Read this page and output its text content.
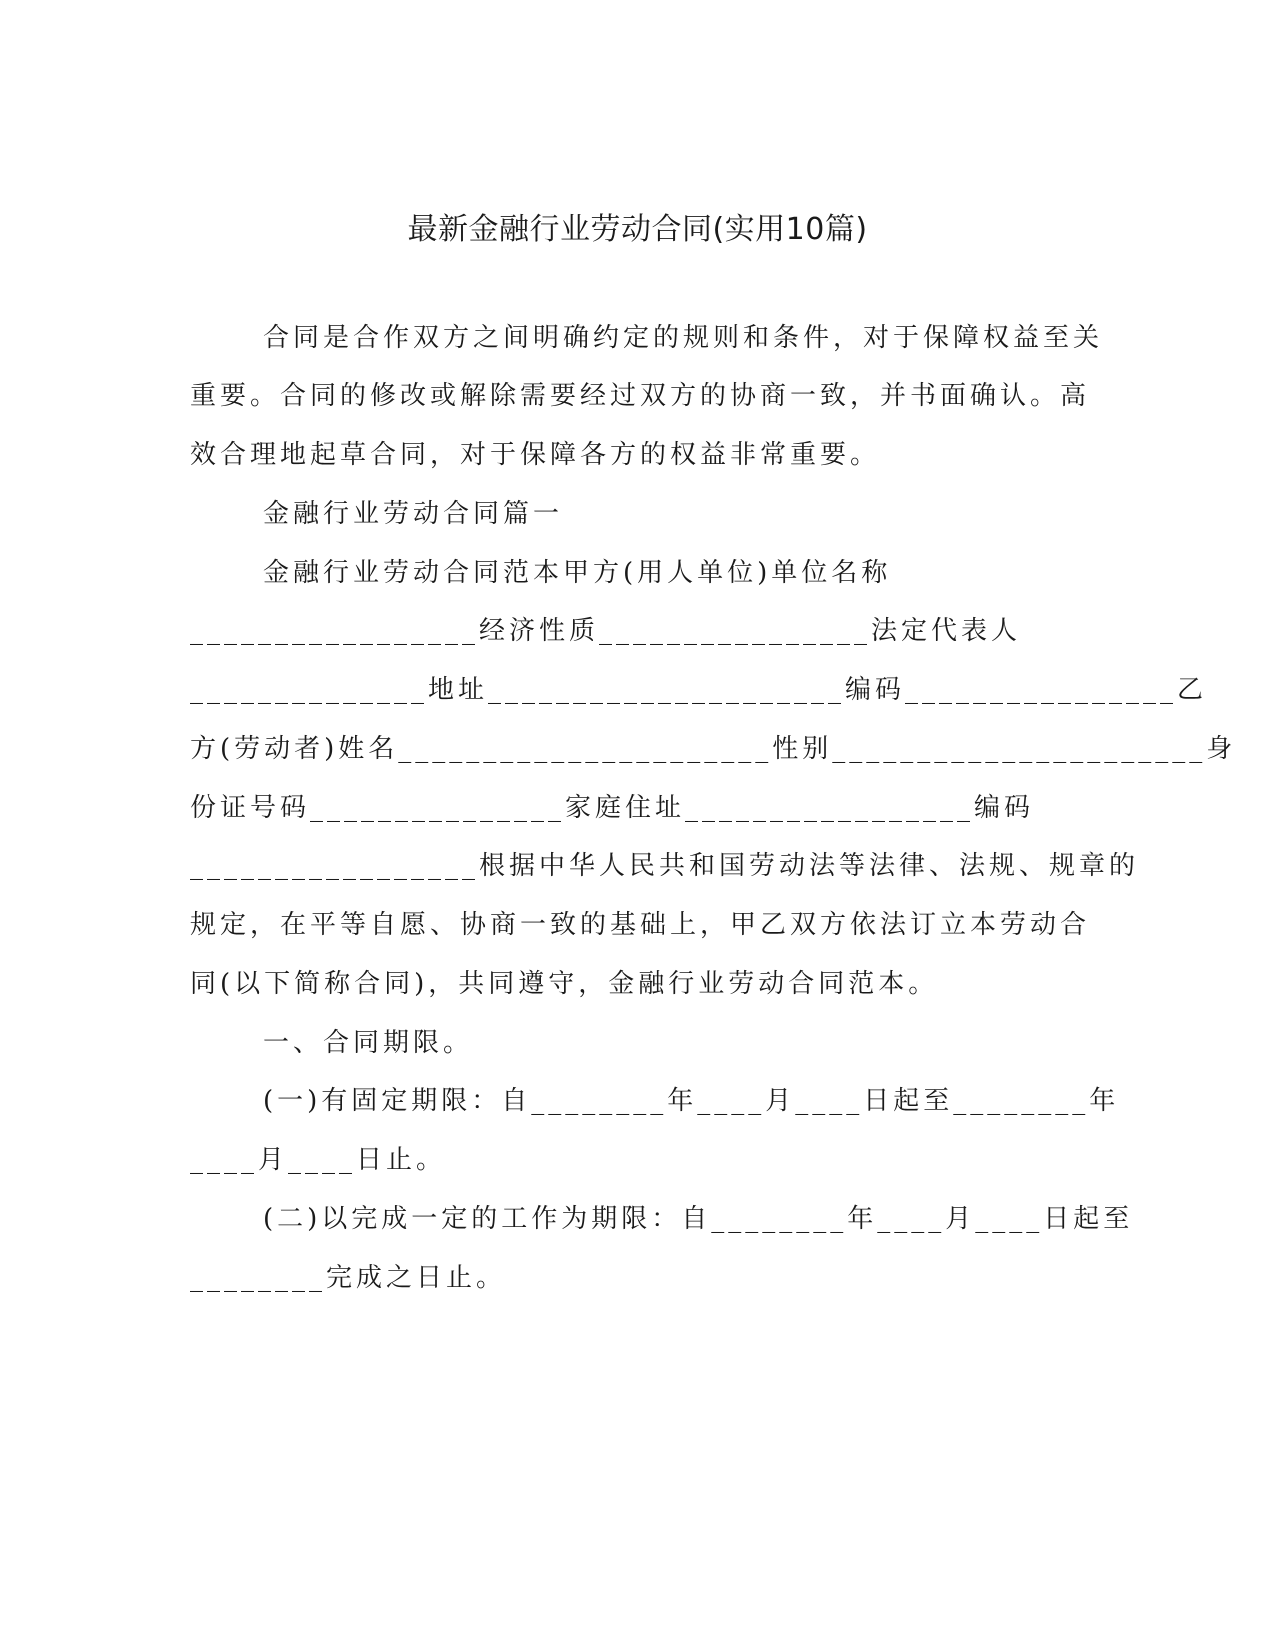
最新金融行业劳动合同(实用10篇)
合同是合作双方之间明确约定的规则和条件，对于保障权益至关
重要。合同的修改或解除需要经过双方的协商一致，并书面确认。高
效合理地起草合同，对于保障各方的权益非常重要。
金融行业劳动合同篇一
金融行业劳动合同范本甲方(用人单位)单位名称
_________________经济性质________________法定代表人
______________地址_____________________编码________________乙
方(劳动者)姓名______________________性别______________________身
份证号码_______________家庭住址_________________编码
_________________根据中华人民共和国劳动法等法律、法规、规章的
规定，在平等自愿、协商一致的基础上，甲乙双方依法订立本劳动合
同(以下简称合同)，共同遵守，金融行业劳动合同范本。
一、合同期限。
(一)有固定期限：自________年____月____日起至________年
____月____日止。
(二)以完成一定的工作为期限：自________年____月____日起至
________完成之日止。
